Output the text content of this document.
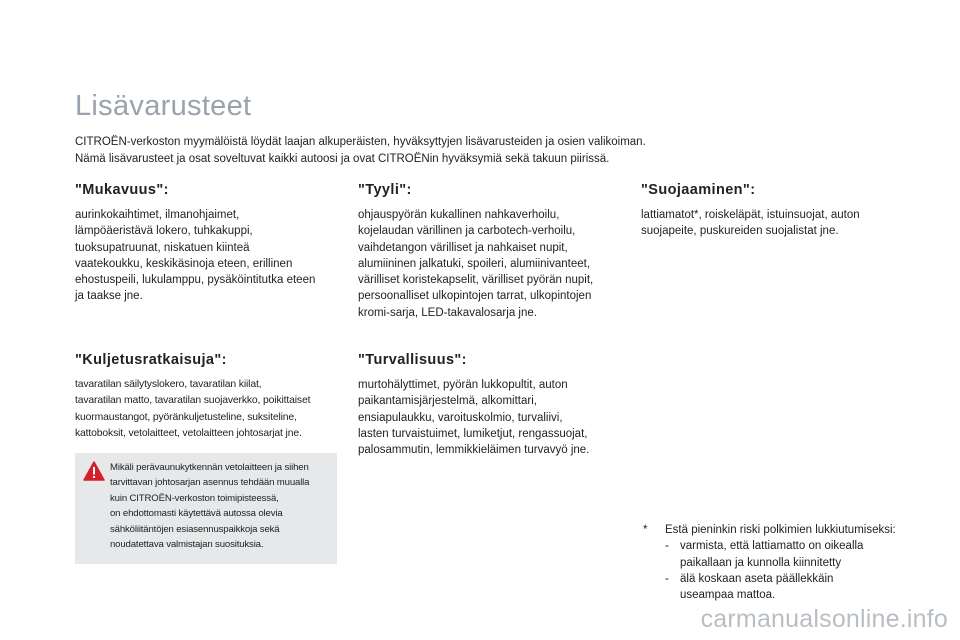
Lisävarusteet

CITROËN-verkoston myymälöistä löydät laajan alkuperäisten, hyväksyttyjen lisävarusteiden ja osien valikoiman.

Nämä lisävarusteet ja osat soveltuvat kaikki autoosi ja ovat CITROËNin hyväksymiä sekä takuun piirissä.

"Mukavuus":

aurinkokaihtimet, ilmanohjaimet,

lämpöäeristävä lokero, tuhkakuppi,

tuoksupatruunat, niskatuen kiinteä

vaatekoukku, keskikäsinoja eteen, erillinen

ehostuspeili, lukulamppu, pysäköintitutka eteen

ja taakse jne.

"Tyyli":

ohjauspyörän kukallinen nahkaverhoilu,

kojelaudan värillinen ja carbotech-verhoilu,

vaihdetangon värilliset ja nahkaiset nupit,

alumiininen jalkatuki, spoileri, alumiinivanteet,

värilliset koristekapselit, värilliset pyörän nupit,

persoonalliset ulkopintojen tarrat, ulkopintojen

kromi-sarja, LED-takavalosarja jne.

"Suojaaminen":

lattiamatot*, roiskeläpät, istuinsuojat, auton

suojapeite, puskureiden suojalistat jne.

"Kuljetusratkaisuja":

tavaratilan säilytyslokero, tavaratilan kiilat,

tavaratilan matto, tavaratilan suojaverkko, poikittaiset

kuormaustangot, pyöränkuljetusteline, suksiteline,

kattoboksit, vetolaitteet, vetolaitteen johtosarjat jne.

"Turvallisuus":

murtohälyttimet, pyörän lukkopultit, auton

paikantamisjärjestelmä, alkomittari,

ensiapulaukku, varoituskolmio, turvaliivi,

lasten turvaistuimet, lumiketjut, rengassuojat,

palosammutin, lemmikkieläimen turvavyö jne.

Mikäli perävaunukytkennän vetolaitteen ja siihen
tarvittavan johtosarjan asennus tehdään muualla
kuin CITROËN-verkoston toimipisteessä,
on ehdottomasti käytettävä autossa olevia
sähköliitäntöjen esiasennuspaikkoja sekä
noudatettava valmistajan suosituksia.
* Estä pieninkin riski polkimien lukkiutumiseksi:
- varmista, että lattiamatto on oikealla
paikallaan ja kunnolla kiinnitetty
- älä koskaan aseta päällekkäin
useampaa mattoa.
carmanualsonline.info
